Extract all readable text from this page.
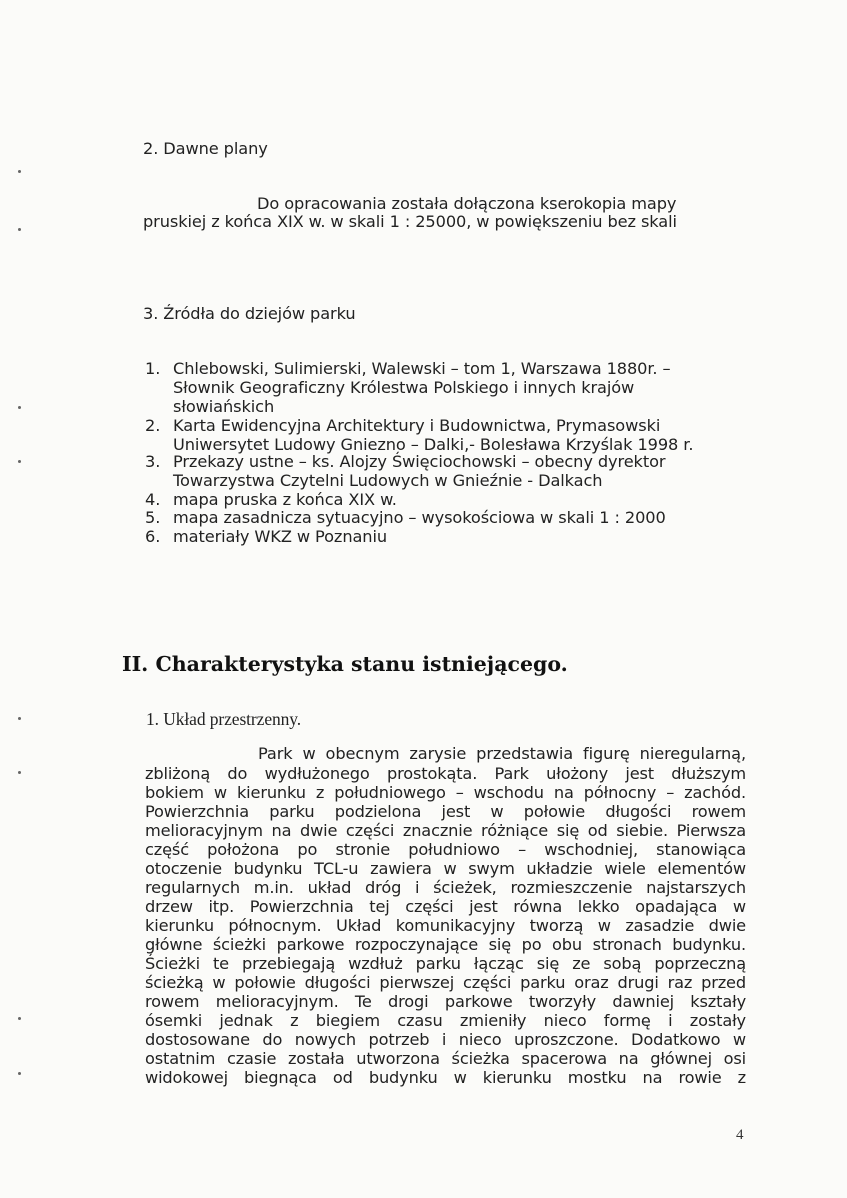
2. Dawne plany
Do opracowania została dołączona kserokopia mapy
pruskiej z końca XIX w. w skali 1 : 25000, w powiększeniu bez skali
3. Źródła do dziejów parku
1. Chlebowski, Sulimierski, Walewski – tom 1, Warszawa 1880r. –
Słownik Geograficzny Królestwa Polskiego i innych krajów
słowiańskich
2. Karta Ewidencyjna Architektury i Budownictwa, Prymasowski
Uniwersytet Ludowy Gniezno – Dalki,- Bolesława Krzyślak 1998 r.
3. Przekazy ustne – ks. Alojzy Święciochowski – obecny dyrektor
Towarzystwa Czytelni Ludowych w Gnieźnie - Dalkach
4. mapa pruska z końca XIX w.
5. mapa zasadnicza sytuacyjno – wysokościowa w skali 1 : 2000
6. materiały WKZ w Poznaniu
II. Charakterystyka stanu istniejącego.
1. Układ przestrzenny.
Park w obecnym zarysie przedstawia figurę nieregularną,
zbliżoną do wydłużonego prostokąta. Park ułożony jest dłuższym
bokiem w kierunku z południowego – wschodu na północny – zachód.
Powierzchnia parku podzielona jest w połowie długości rowem
melioracyjnym na dwie części znacznie różniące się od siebie. Pierwsza
część położona po stronie południowo – wschodniej, stanowiąca
otoczenie budynku TCL-u zawiera w swym układzie wiele elementów
regularnych m.in. układ dróg i ścieżek, rozmieszczenie najstarszych
drzew itp. Powierzchnia tej części jest równa lekko opadająca w
kierunku północnym. Układ komunikacyjny tworzą w zasadzie dwie
główne ścieżki parkowe rozpoczynające się po obu stronach budynku.
Ścieżki te przebiegają wzdłuż parku łącząc się ze sobą poprzeczną
ścieżką w połowie długości pierwszej części parku oraz drugi raz przed
rowem melioracyjnym. Te drogi parkowe tworzyły dawniej kształy
ósemki jednak z biegiem czasu zmieniły nieco formę i zostały
dostosowane do nowych potrzeb i nieco uproszczone. Dodatkowo w
ostatnim czasie została utworzona ścieżka spacerowa na głównej osi
widokowej biegnąca od budynku w kierunku mostku na rowie z
4
